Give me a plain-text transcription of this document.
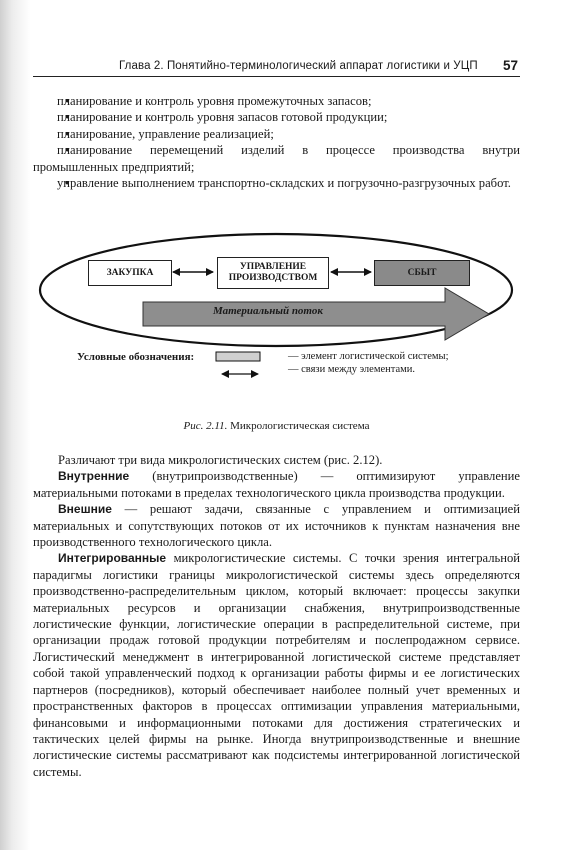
Глава 2. Понятийно-терминологический аппарат логистики и УЦП 57
• планирование и контроль уровня промежуточных запасов;
• планирование и контроль уровня запасов готовой продукции;
• планирование, управление реализацией;
• планирование перемещений изделий в процессе производства внутри промышленных предприятий;
• управление выполнением транспортно-складских и погрузочно-разгрузочных работ.
ЗАКУПКА
УПРАВЛЕНИЕ
ПРОИЗВОДСТВОМ
СБЫТ
Материальный поток
Условные обозначения:	— элемент логистической системы;
— связи между элементами.
Рис. 2.11. Микрологистическая система

Различают три вида микрологистических систем (рис. 2.12).

Внутренние (внутрипроизводственные) — оптимизируют управление материальными потоками в пределах технологического цикла производства продукции.

Внешние — решают задачи, связанные с управлением и оптимизацией материальных и сопутствующих потоков от их источников к пунктам назначения вне производственного технологического цикла.

Интегрированные микрологистические системы. С точки зрения интегральной парадигмы логистики границы микрологистической системы здесь определяются производственно-распределительным циклом, который включает: процессы закупки материальных ресурсов и организации снабжения, внутрипроизводственные логистические функции, логистические операции в распределительной системе, при организации продаж готовой продукции потребителям и послепродажном сервисе. Логистический менеджмент в интегрированной логистической системе представляет собой такой управленческий подход к организации работы фирмы и ее логистических партнеров (посредников), который обеспечивает наиболее полный учет временных и пространственных факторов в процессах оптимизации управления материальными, финансовыми и информационными потоками для достижения стратегических и тактических целей фирмы на рынке. Иногда внутрипроизводственные и внешние логистические системы рассматривают как подсистемы интегрированной логистической системы.
